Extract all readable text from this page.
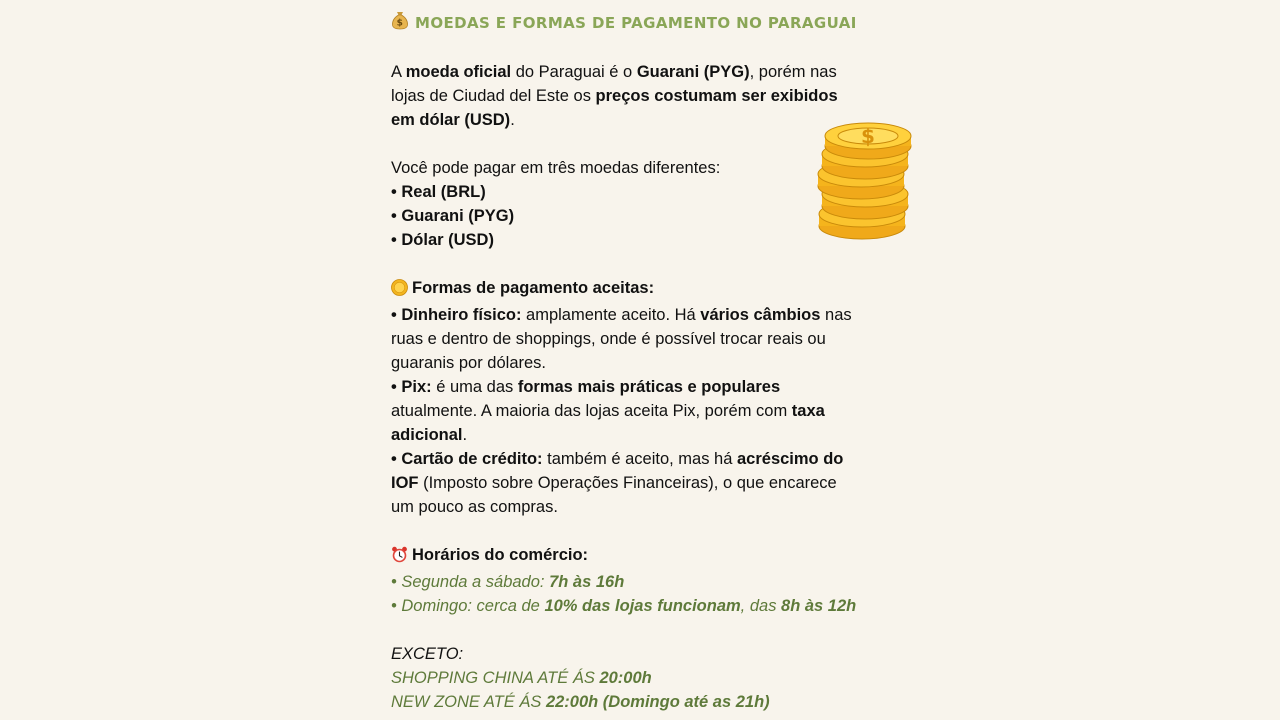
$ MOEDAS E FORMAS DE PAGAMENTO NO PARAGUAI
A moeda oficial do Paraguai é o Guarani (PYG), porém nas
lojas de Ciudad del Este os preços costumam ser exibidos
em dólar (USD).
Você pode pagar em três moedas diferentes:
• Real (BRL)
• Guarani (PYG)
• Dólar (USD)
Formas de pagamento aceitas:
• Dinheiro físico: amplamente aceito. Há vários câmbios nas
ruas e dentro de shoppings, onde é possível trocar reais ou
guaranis por dólares.
• Pix: é uma das formas mais práticas e populares
atualmente. A maioria das lojas aceita Pix, porém com taxa
adicional.
• Cartão de crédito: também é aceito, mas há acréscimo do
IOF (Imposto sobre Operações Financeiras), o que encarece
um pouco as compras.
Horários do comércio:
• Segunda a sábado: 7h às 16h
• Domingo: cerca de 10% das lojas funcionam, das 8h às 12h
EXCETO:
SHOPPING CHINA ATÉ ÁS 20:00h
NEW ZONE ATÉ ÁS 22:00h (Domingo até as 21h)
$
